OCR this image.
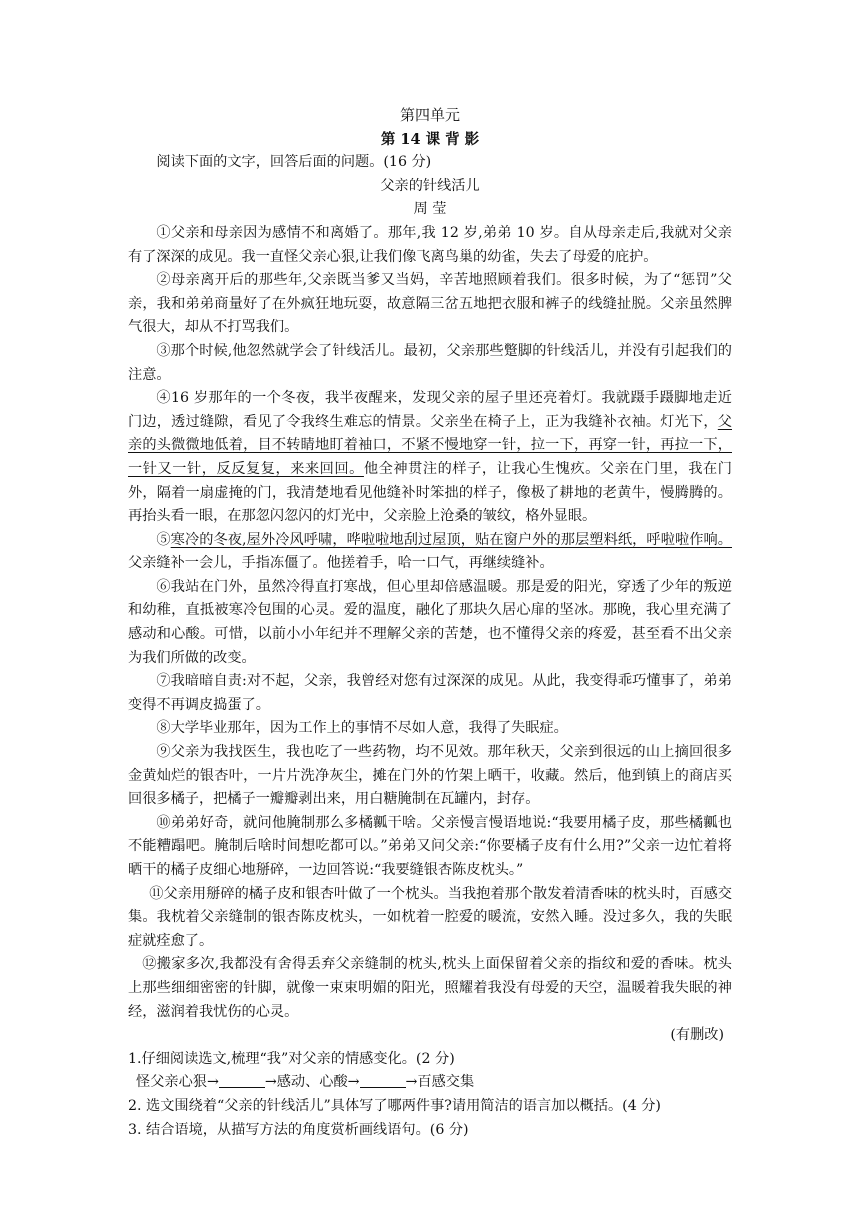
第四单元
第 14 课 背 影

阅读下面的文字，回答后面的问题。(16 分)

父亲的针线活儿
周 莹

①父亲和母亲因为感情不和离婚了。那年,我 12 岁,弟弟 10 岁。自从母亲走后,我就对父亲有了深深的成见。我一直怪父亲心狠,让我们像飞离鸟巢的幼雀，失去了母爱的庇护。

②母亲离开后的那些年,父亲既当爹又当妈，辛苦地照顾着我们。很多时候，为了“惩罚”父亲，我和弟弟商量好了在外疯狂地玩耍，故意隔三岔五地把衣服和裤子的线缝扯脱。父亲虽然脾气很大，却从不打骂我们。

③那个时候,他忽然就学会了针线活儿。最初，父亲那些蹩脚的针线活儿，并没有引起我们的注意。

④16 岁那年的一个冬夜，我半夜醒来，发现父亲的屋子里还亮着灯。我就蹑手蹑脚地走近门边，透过缝隙，看见了令我终生难忘的情景。父亲坐在椅子上，正为我缝补衣袖。灯光下，父亲的头微微地低着，目不转睛地盯着袖口，不紧不慢地穿一针，拉一下，再穿一针，再拉一下，一针又一针，反反复复，来来回回。他全神贯注的样子，让我心生愧疚。父亲在门里，我在门外，隔着一扇虚掩的门，我清楚地看见他缝补时笨拙的样子，像极了耕地的老黄牛，慢腾腾的。再抬头看一眼，在那忽闪忽闪的灯光中，父亲脸上沧桑的皱纹，格外显眼。

⑤寒冷的冬夜,屋外冷风呼啸，哗啦啦地刮过屋顶，贴在窗户外的那层塑料纸，呼啦啦作响。父亲缝补一会儿，手指冻僵了。他搓着手，哈一口气，再继续缝补。

⑥我站在门外，虽然冷得直打寒战，但心里却倍感温暖。那是爱的阳光，穿透了少年的叛逆和幼稚，直抵被寒冷包围的心灵。爱的温度，融化了那块久居心扉的坚冰。那晚，我心里充满了感动和心酸。可惜，以前小小年纪并不理解父亲的苦楚，也不懂得父亲的疼爱，甚至看不出父亲为我们所做的改变。

⑦我暗暗自责:对不起，父亲，我曾经对您有过深深的成见。从此，我变得乖巧懂事了，弟弟变得不再调皮捣蛋了。

⑧大学毕业那年，因为工作上的事情不尽如人意，我得了失眠症。

⑨父亲为我找医生，我也吃了一些药物，均不见效。那年秋天，父亲到很远的山上摘回很多金黄灿烂的银杏叶，一片片洗净灰尘，摊在门外的竹架上晒干，收藏。然后，他到镇上的商店买回很多橘子，把橘子一瓣瓣剥出来，用白糖腌制在瓦罐内，封存。

⑩弟弟好奇，就问他腌制那么多橘瓤干啥。父亲慢言慢语地说:“我要用橘子皮，那些橘瓤也不能糟蹋吧。腌制后啥时间想吃都可以。”弟弟又问父亲:“你要橘子皮有什么用?”父亲一边忙着将晒干的橘子皮细心地掰碎，一边回答说:“我要缝银杏陈皮枕头。”

⑪父亲用掰碎的橘子皮和银杏叶做了一个枕头。当我抱着那个散发着清香味的枕头时，百感交集。我枕着父亲缝制的银杏陈皮枕头，一如枕着一腔爱的暖流，安然入睡。没过多久，我的失眠症就痊愈了。

⑫搬家多次,我都没有舍得丢弃父亲缝制的枕头,枕头上面保留着父亲的指纹和爱的香味。枕头上那些细细密密的针脚，就像一束束明媚的阳光，照耀着我没有母爱的天空，温暖着我失眠的神经，滋润着我忧伤的心灵。

(有删改)

1.仔细阅读选文,梳理“我”对父亲的情感变化。(2 分)

怪父亲心狠→	→感动、心酸→	→百感交集

2. 选文围绕着“父亲的针线活儿”具体写了哪两件事?请用简洁的语言加以概括。(4 分)

3. 结合语境，从描写方法的角度赏析画线语句。(6 分)
